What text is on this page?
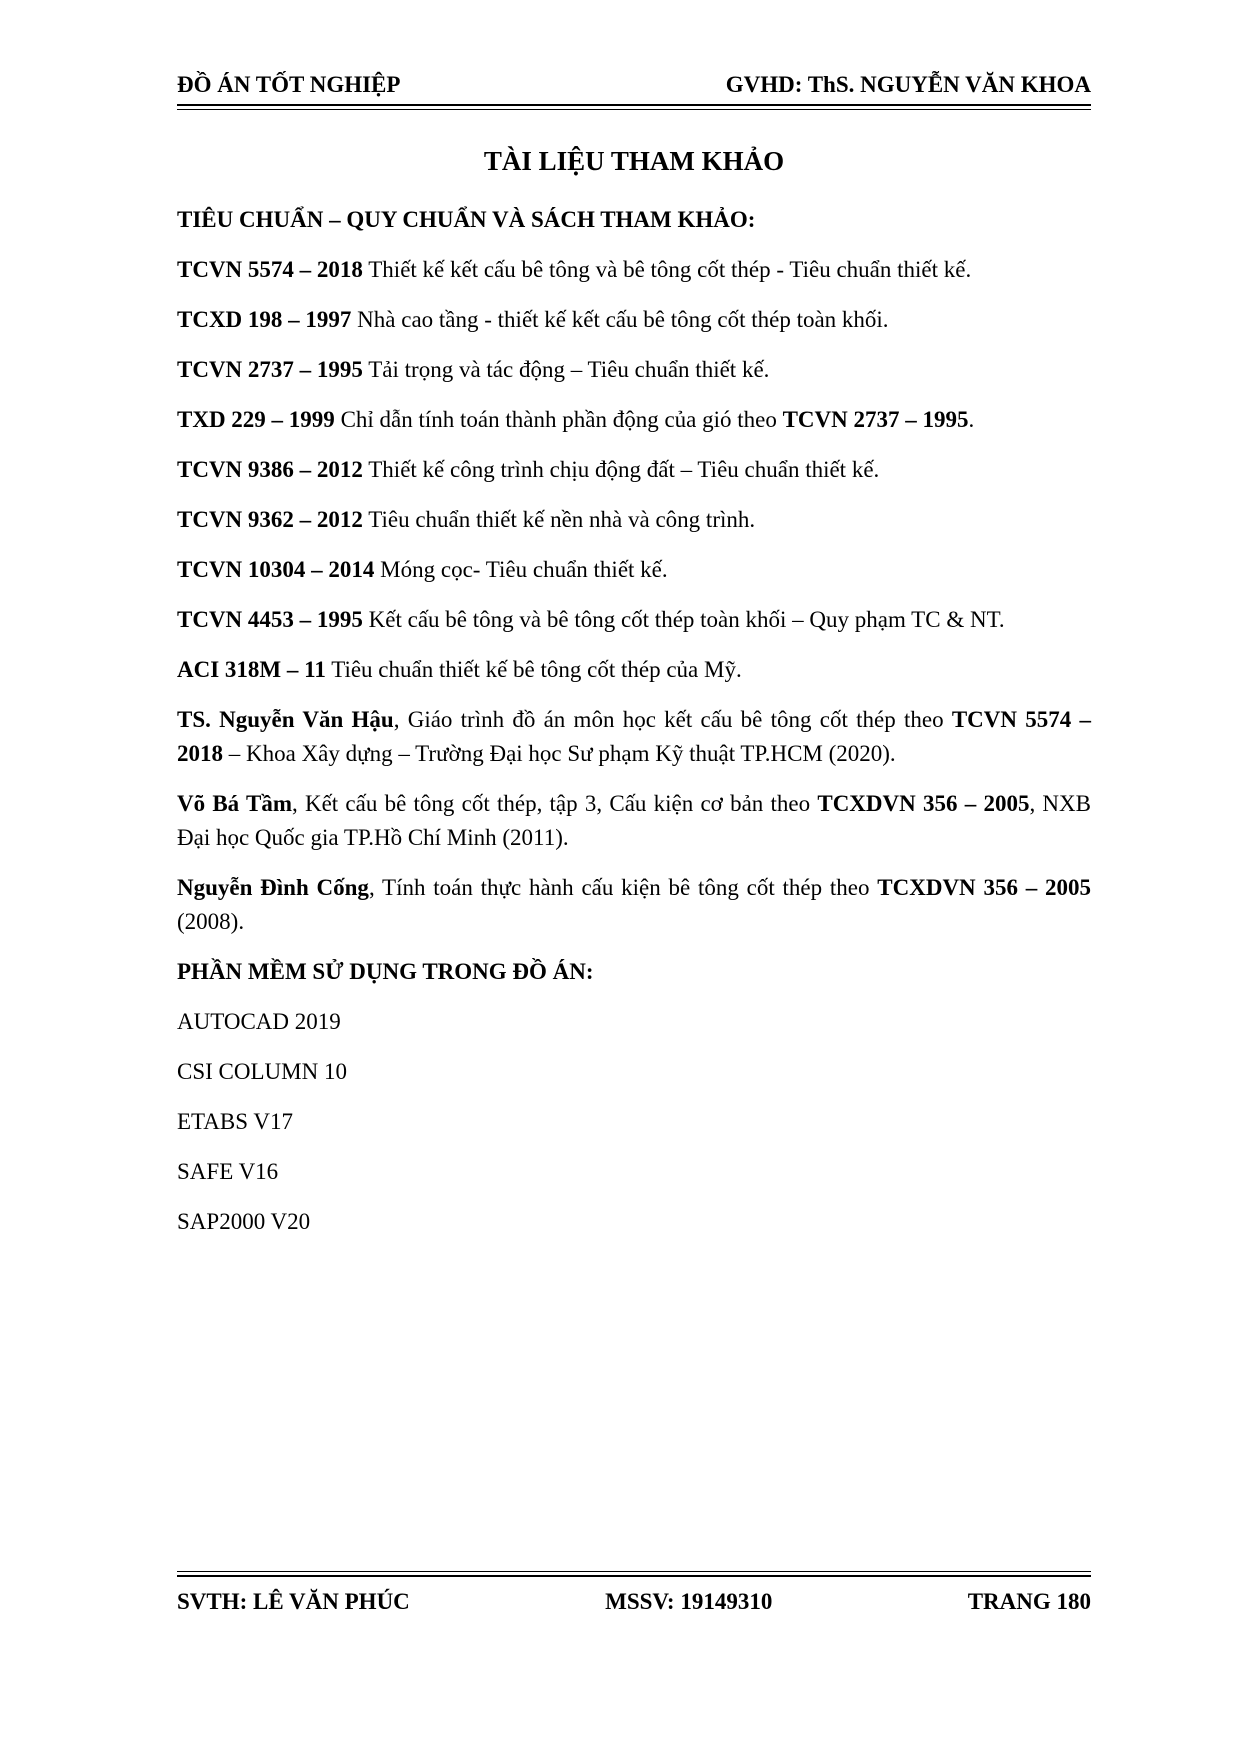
ĐỒ ÁN TỐT NGHIỆP	GVHD: ThS. NGUYỄN VĂN KHOA
TÀI LIỆU THAM KHẢO
TIÊU CHUẨN – QUY CHUẨN VÀ SÁCH THAM KHẢO:
TCVN 5574 – 2018 Thiết kế kết cấu bê tông và bê tông cốt thép - Tiêu chuẩn thiết kế.
TCXD 198 – 1997 Nhà cao tầng - thiết kế kết cấu bê tông cốt thép toàn khối.
TCVN 2737 – 1995 Tải trọng và tác động – Tiêu chuẩn thiết kế.
TXD 229 – 1999 Chỉ dẫn tính toán thành phần động của gió theo TCVN 2737 – 1995.
TCVN 9386 – 2012 Thiết kế công trình chịu động đất – Tiêu chuẩn thiết kế.
TCVN 9362 – 2012 Tiêu chuẩn thiết kế nền nhà và công trình.
TCVN 10304 – 2014 Móng cọc- Tiêu chuẩn thiết kế.
TCVN 4453 – 1995 Kết cấu bê tông và bê tông cốt thép toàn khối – Quy phạm TC & NT.
ACI 318M – 11 Tiêu chuẩn thiết kế bê tông cốt thép của Mỹ.
TS. Nguyễn Văn Hậu, Giáo trình đồ án môn học kết cấu bê tông cốt thép theo TCVN 5574 – 2018 – Khoa Xây dựng – Trường Đại học Sư phạm Kỹ thuật TP.HCM (2020).
Võ Bá Tầm, Kết cấu bê tông cốt thép, tập 3, Cấu kiện cơ bản theo TCXDVN 356 – 2005, NXB Đại học Quốc gia TP.Hồ Chí Minh (2011).
Nguyễn Đình Cống, Tính toán thực hành cấu kiện bê tông cốt thép theo TCXDVN 356 – 2005 (2008).
PHẦN MỀM SỬ DỤNG TRONG ĐỒ ÁN:
AUTOCAD 2019
CSI COLUMN 10
ETABS V17
SAFE V16
SAP2000 V20
SVTH: LÊ VĂN PHÚC	MSSV: 19149310	TRANG 180
